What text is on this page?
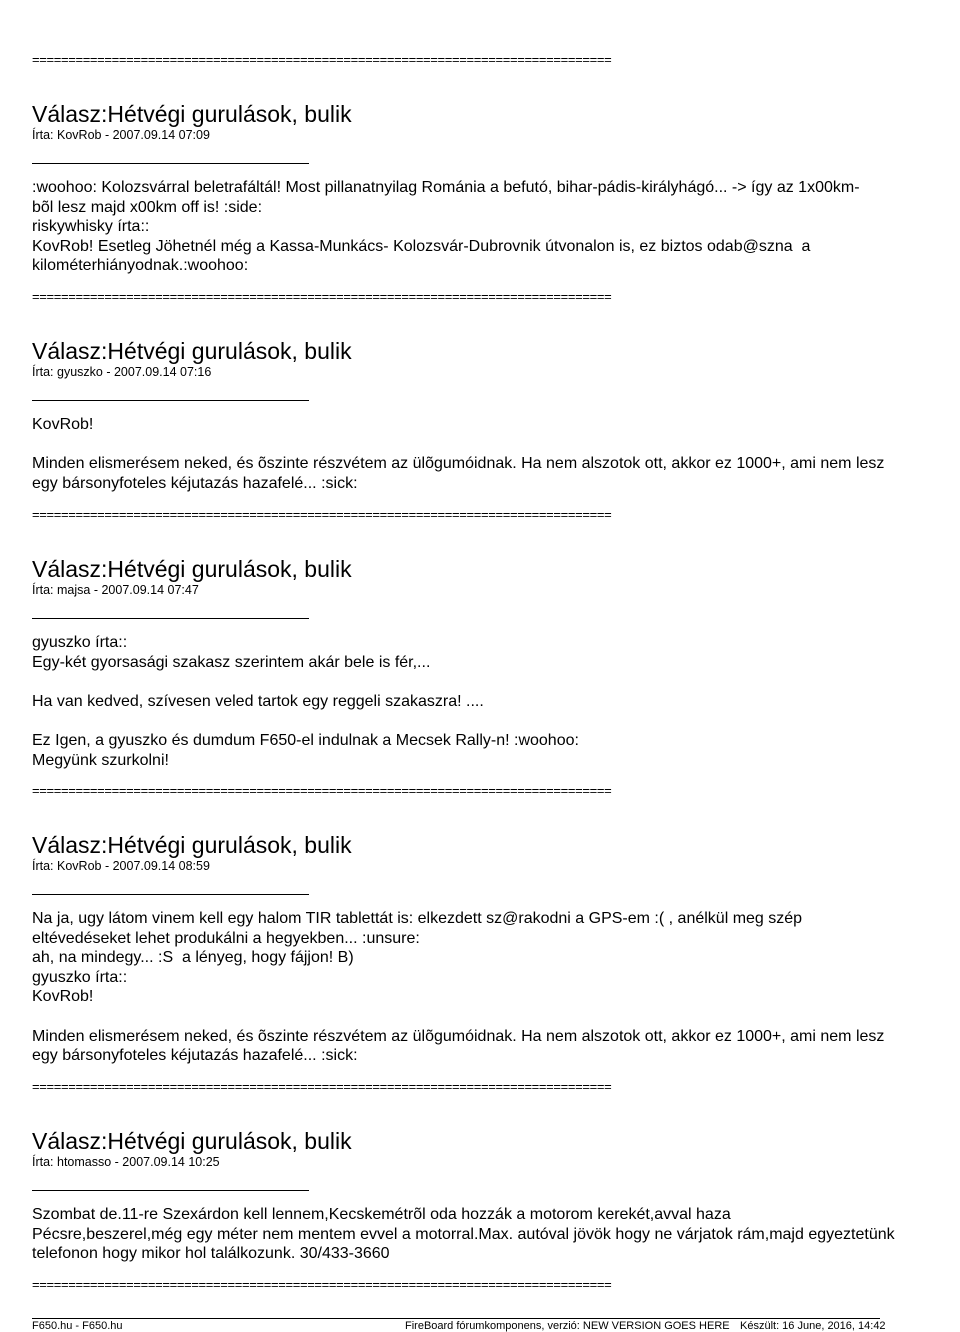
================================================================================
Válasz:Hétvégi gurulások, bulik
Írta: KovRob - 2007.09.14 07:09
:woohoo: Kolozsvárral beletrafáltál! Most pillanatnyilag Románia a befutó, bihar-pádis-királyhágó... -> így az 1x00km-
bõl lesz majd x00km off is! :side:
riskywhisky írta::
KovRob! Esetleg Jöhetnél még a Kassa-Munkács- Kolozsvár-Dubrovnik útvonalon is, ez biztos odab@szna  a
kilométerhiányodnak.:woohoo:
================================================================================
Válasz:Hétvégi gurulások, bulik
Írta: gyuszko - 2007.09.14 07:16
KovRob!
Minden elismerésem neked, és õszinte részvétem az ülõgumóidnak. Ha nem alszotok ott, akkor ez 1000+, ami nem lesz
egy bársonyfoteles kéjutazás hazafelé... :sick:
================================================================================
Válasz:Hétvégi gurulások, bulik
Írta: majsa - 2007.09.14 07:47
gyuszko írta::
Egy-két gyorsasági szakasz szerintem akár bele is fér,...
Ha van kedved, szívesen veled tartok egy reggeli szakaszra! ....
Ez Igen, a gyuszko és dumdum F650-el indulnak a Mecsek Rally-n! :woohoo:
Megyünk szurkolni!
================================================================================
Válasz:Hétvégi gurulások, bulik
Írta: KovRob - 2007.09.14 08:59
Na ja, ugy látom vinem kell egy halom TIR tablettát is: elkezdett sz@rakodni a GPS-em :( , anélkül meg szép
eltévedéseket lehet produkálni a hegyekben... :unsure:
ah, na mindegy... :S  a lényeg, hogy fájjon! B)
gyuszko írta::
KovRob!
Minden elismerésem neked, és õszinte részvétem az ülõgumóidnak. Ha nem alszotok ott, akkor ez 1000+, ami nem lesz
egy bársonyfoteles kéjutazás hazafelé... :sick:
================================================================================
Válasz:Hétvégi gurulások, bulik
Írta: htomasso - 2007.09.14 10:25
Szombat de.11-re Szexárdon kell lennem,Kecskemétrõl oda hozzák a motorom kerekét,avval haza
Pécsre,beszerel,még egy méter nem mentem evvel a motorral.Max. autóval jövök hogy ne várjatok rám,majd egyeztetünk
telefonon hogy mikor hol találkozunk. 30/433-3660
================================================================================
F650.hu - F650.hu	FireBoard fórumkomponens, verzió: NEW VERSION GOES HERE Készült: 16 June, 2016, 14:42
